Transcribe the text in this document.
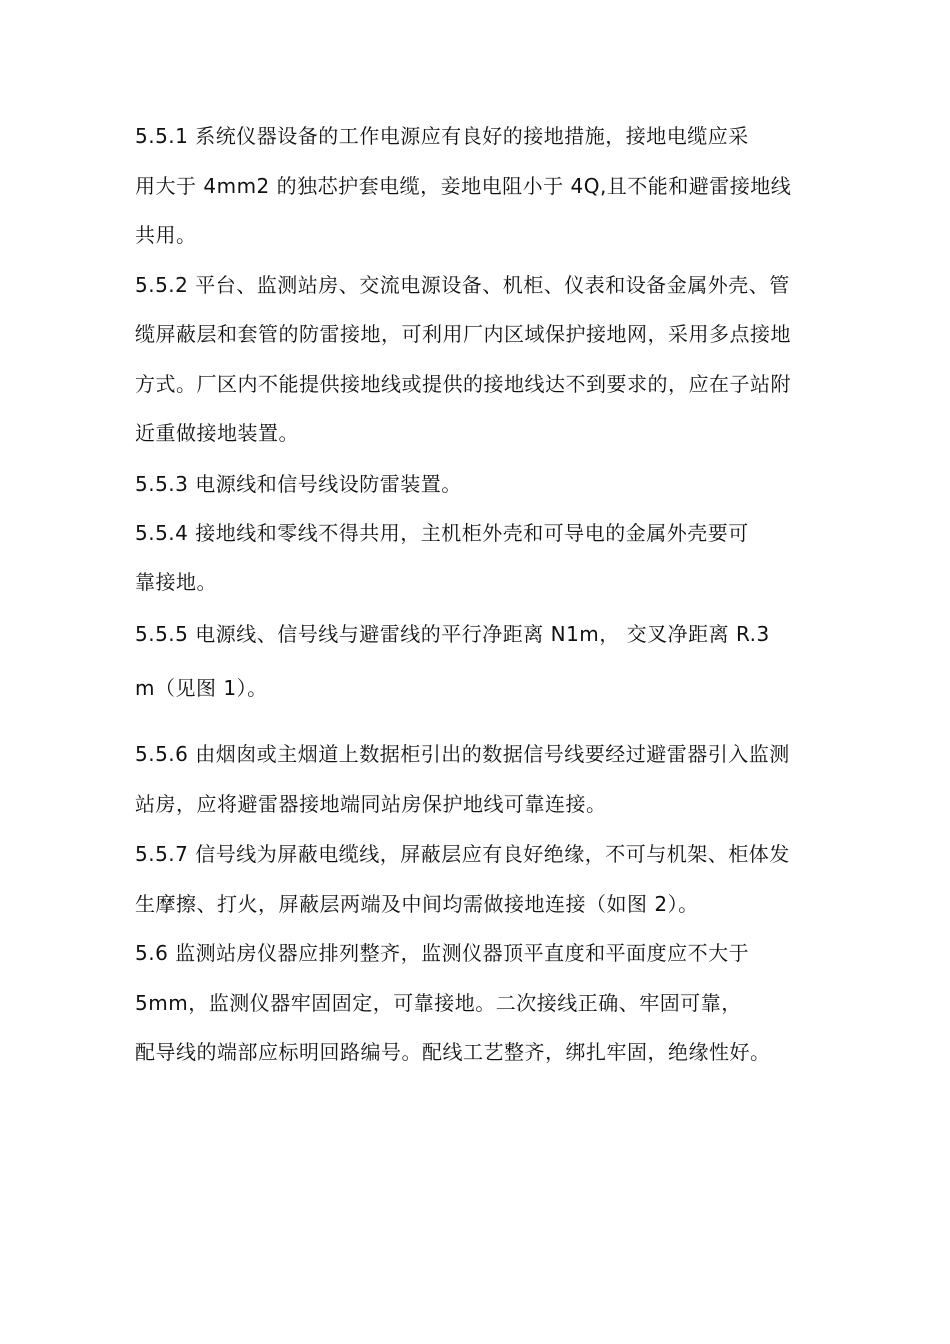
5.5.1 系统仪器设备的工作电源应有良好的接地措施，接地电缆应采
用大于 4mm2 的独芯护套电缆，妾地电阻小于 4Q,且不能和避雷接地线
共用。
5.5.2 平台、监测站房、交流电源设备、机柜、仪表和设备金属外壳、管
缆屏蔽层和套管的防雷接地，可利用厂内区域保护接地网，采用多点接地
方式。厂区内不能提供接地线或提供的接地线达不到要求的，应在子站附
近重做接地装置。
5.5.3 电源线和信号线设防雷装置。
5.5.4 接地线和零线不得共用，主机柜外壳和可导电的金属外壳要可
靠接地。
5.5.5 电源线、信号线与避雷线的平行净距离 N1m， 交叉净距离 R.3
m（见图 1）。
5.5.6 由烟囱或主烟道上数据柜引出的数据信号线要经过避雷器引入监测
站房，应将避雷器接地端同站房保护地线可靠连接。
5.5.7 信号线为屏蔽电缆线，屏蔽层应有良好绝缘，不可与机架、柜体发
生摩擦、打火，屏蔽层两端及中间均需做接地连接（如图 2）。
5.6 监测站房仪器应排列整齐，监测仪器顶平直度和平面度应不大于
5mm，监测仪器牢固固定，可靠接地。二次接线正确、牢固可靠，
配导线的端部应标明回路编号。配线工艺整齐，绑扎牢固，绝缘性好。
